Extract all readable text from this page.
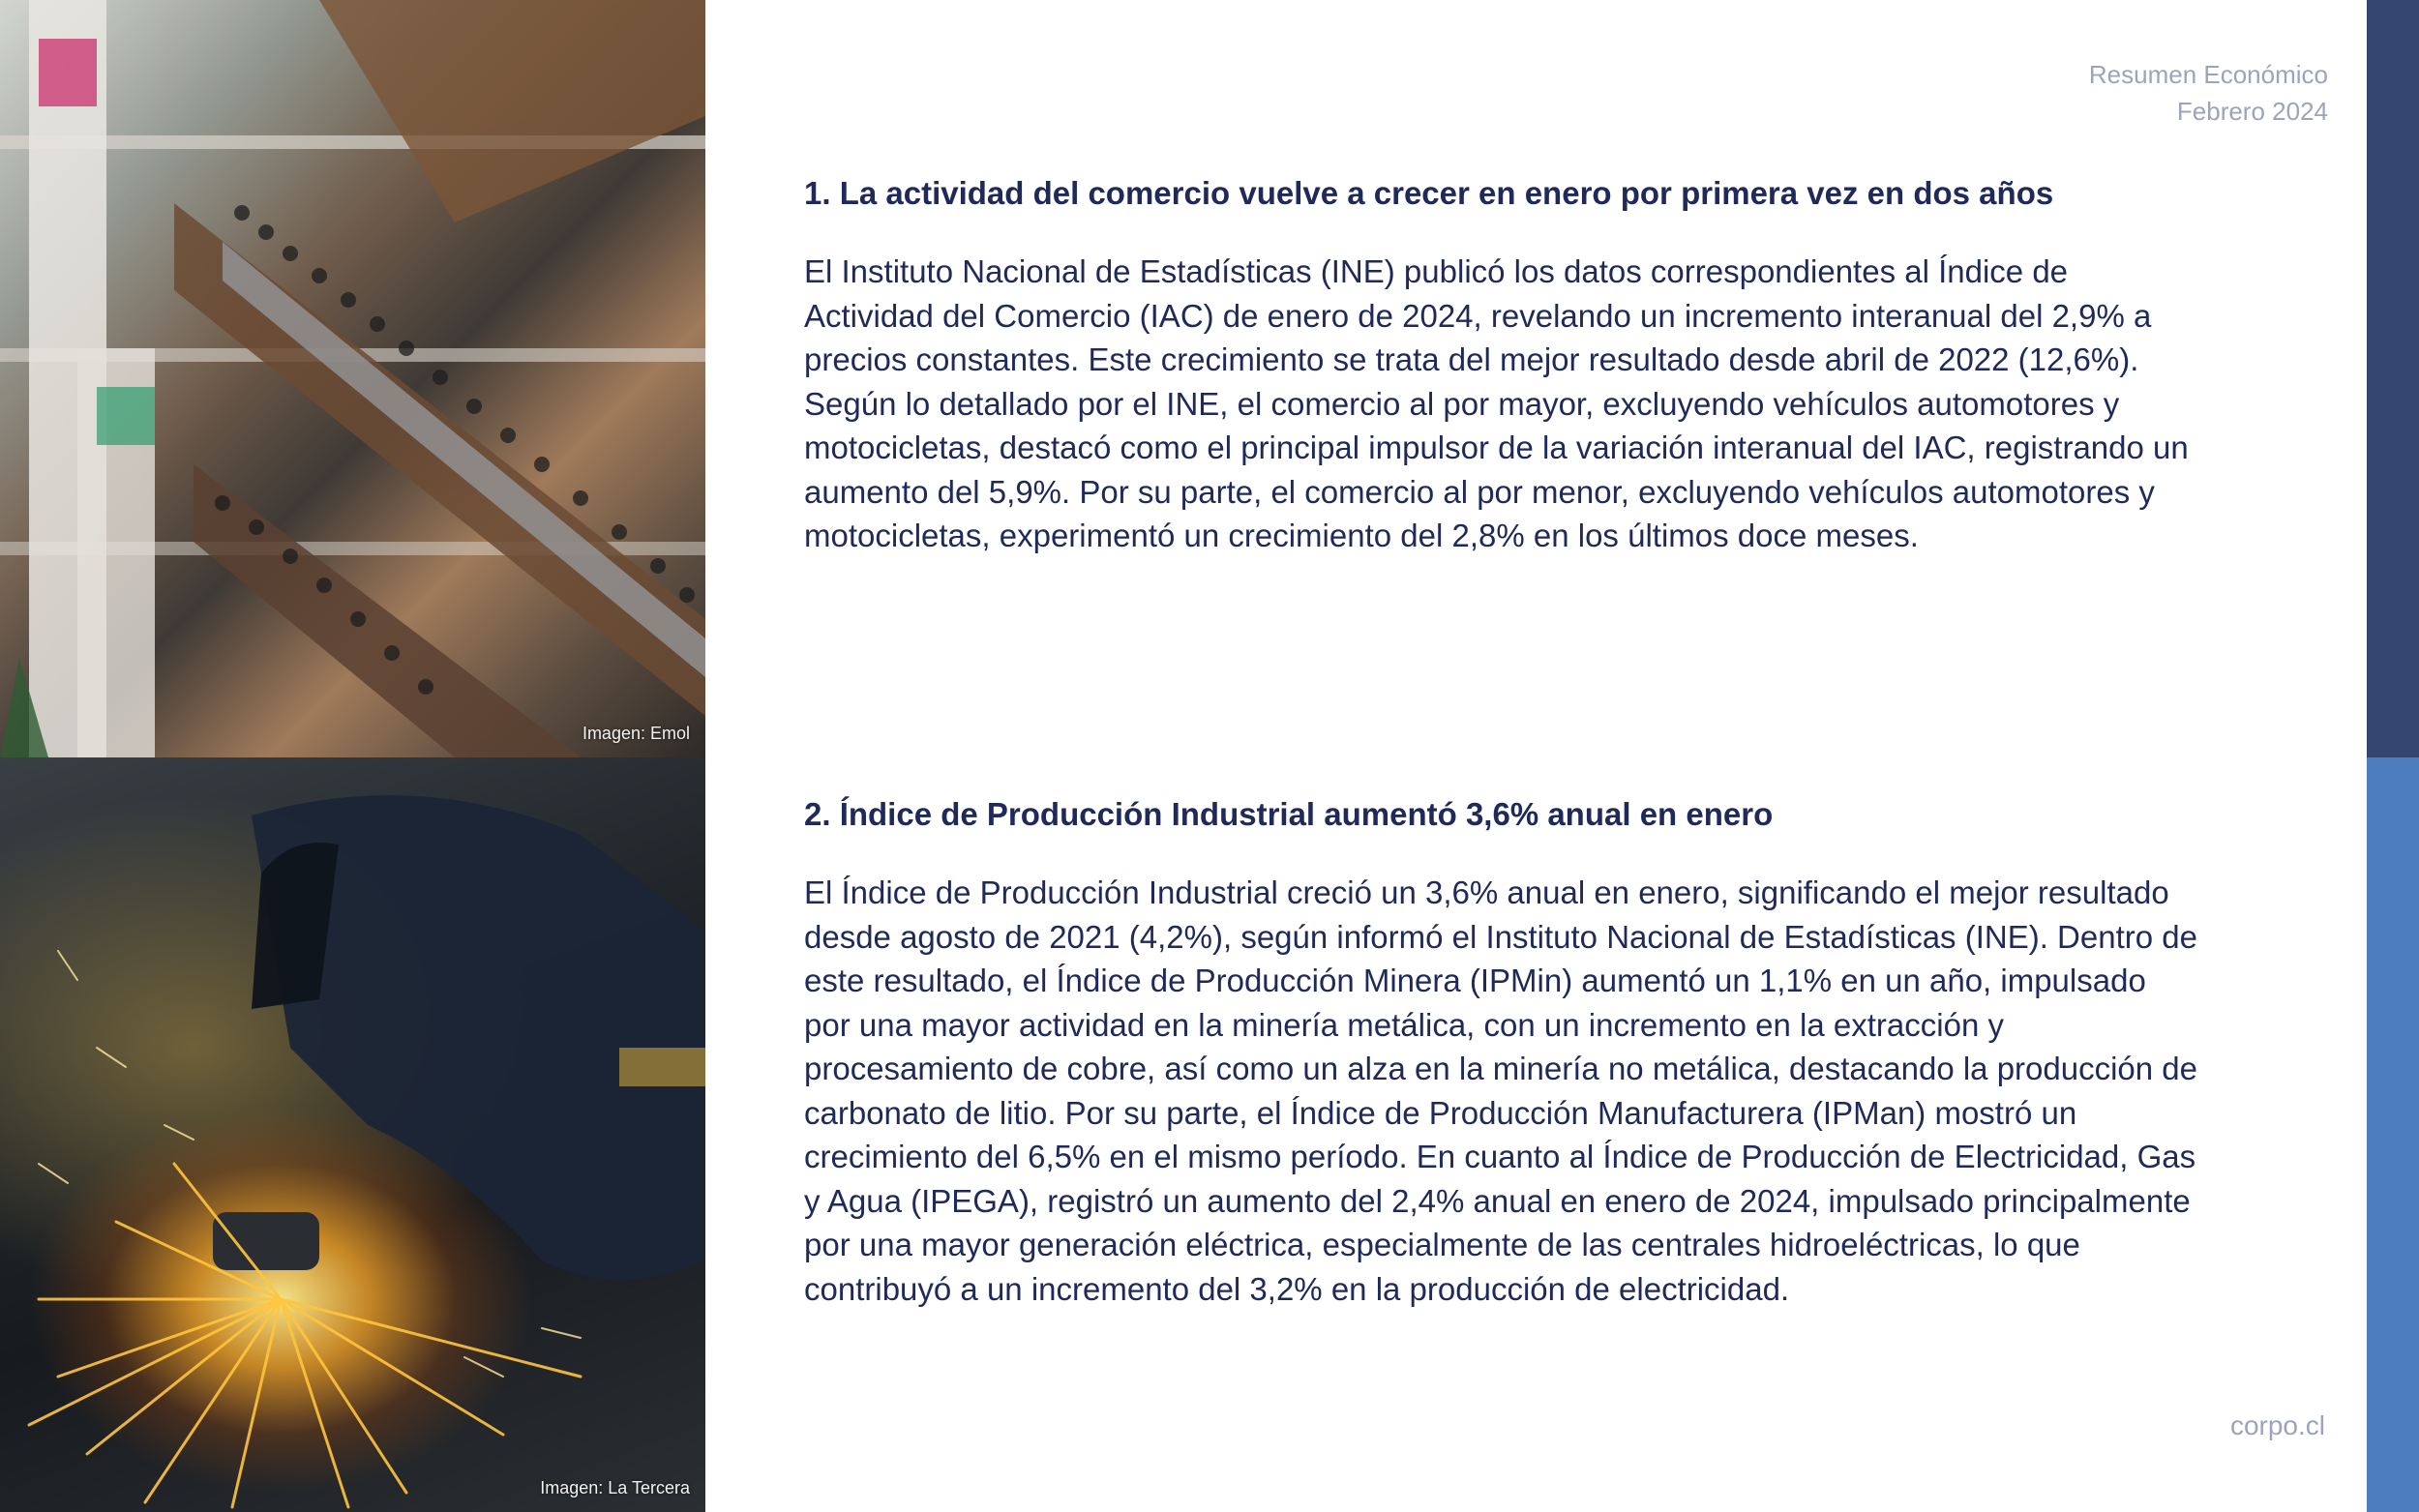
Imagen: Emol
Imagen: La Tercera
Resumen Económico
Febrero 2024
1. La actividad del comercio vuelve a crecer en enero por primera vez en dos años

El Instituto Nacional de Estadísticas (INE) publicó los datos correspondientes al Índice de Actividad del Comercio (IAC) de enero de 2024, revelando un incremento interanual del 2,9% a precios constantes. Este crecimiento se trata del mejor resultado desde abril de 2022 (12,6%). Según lo detallado por el INE, el comercio al por mayor, excluyendo vehículos automotores y motocicletas, destacó como el principal impulsor de la variación interanual del IAC, registrando un aumento del 5,9%. Por su parte, el comercio al por menor, excluyendo vehículos automotores y motocicletas, experimentó un crecimiento del 2,8% en los últimos doce meses.

2. Índice de Producción Industrial aumentó 3,6% anual en enero

El Índice de Producción Industrial creció un 3,6% anual en enero, significando el mejor resultado desde agosto de 2021 (4,2%), según informó el Instituto Nacional de Estadísticas (INE). Dentro de este resultado, el Índice de Producción Minera (IPMin) aumentó un 1,1% en un año, impulsado por una mayor actividad en la minería metálica, con un incremento en la extracción y procesamiento de cobre, así como un alza en la minería no metálica, destacando la producción de carbonato de litio. Por su parte, el Índice de Producción Manufacturera (IPMan) mostró un crecimiento del 6,5% en el mismo período. En cuanto al Índice de Producción de Electricidad, Gas y Agua (IPEGA), registró un aumento del 2,4% anual en enero de 2024, impulsado principalmente por una mayor generación eléctrica, especialmente de las centrales hidroeléctricas, lo que contribuyó a un incremento del 3,2% en la producción de electricidad.

corpo.cl
